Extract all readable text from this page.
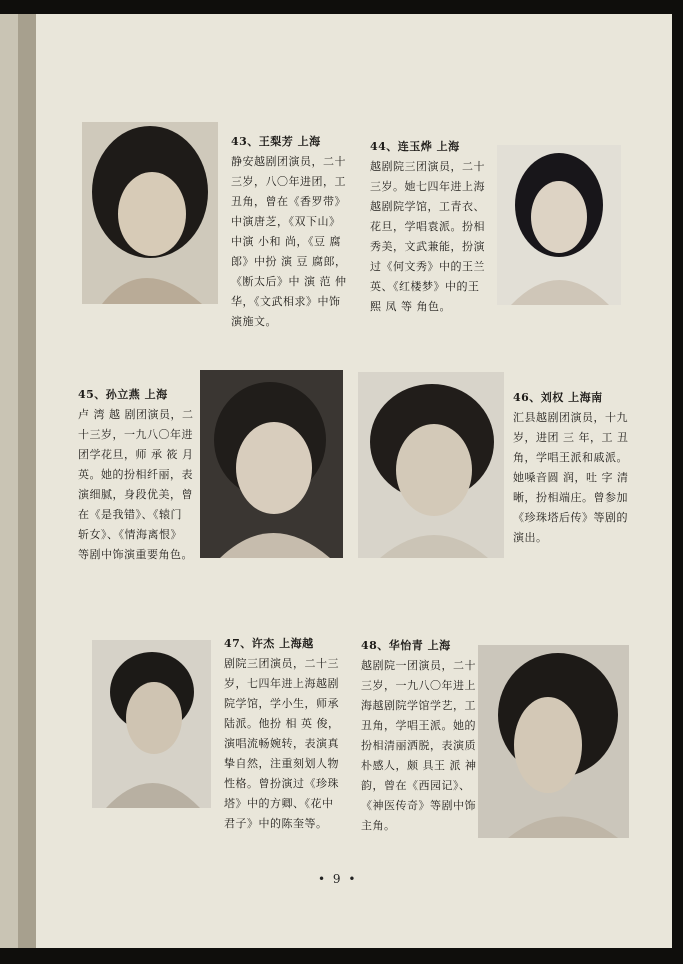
43、王梨芳 上海
静安越剧团演员，二十
三岁，八〇年进团，工
丑角，曾在《香罗带》
中演唐芝，《双下山》
中演 小和 尚，《豆 腐
郎》中扮 演 豆 腐郎，
《断太后》中 演 范 仲
华，《文武相求》中饰
演施文。
44、连玉烨 上海
越剧院三团演员，二十
三岁。她七四年进上海
越剧院学馆，工青衣、
花旦，学唱袁派。扮相
秀美，文武兼能，扮演
过《何文秀》中的王兰
英、《红楼梦》中的王
熙 凤 等 角色。
45、孙立燕 上海
卢 湾 越 剧团演员，二
十三岁，一九八〇年进
团学花旦，师 承 筱 月
英。她的扮相纤丽，表
演细腻，身段优美，曾
在《是我错》、《辕门
斩女》、《情海离恨》
等剧中饰演重要角色。
46、刘权 上海南
汇县越剧团演员，十九
岁，进团 三 年，工 丑
角，学唱王派和戚派。
她嗓音圆 润，吐 字 清
晰，扮相端庄。曾参加
《珍珠塔后传》等剧的
演出。
47、许杰 上海越
剧院三团演员，二十三
岁，七四年进上海越剧
院学馆，学小生，师承
陆派。他扮 相 英 俊，
演唱流畅婉转，表演真
挚自然，注重刻划人物
性格。曾扮演过《珍珠
塔》中的方卿、《花中
君子》中的陈奎等。
48、华怡青 上海
越剧院一团演员，二十
三岁，一九八〇年进上
海越剧院学馆学艺，工
丑角，学唱王派。她的
扮相清丽洒脱，表演质
朴感人，颇 具王 派 神
韵，曾在《西园记》、
《神医传奇》等剧中饰
主角。
• 9 •
